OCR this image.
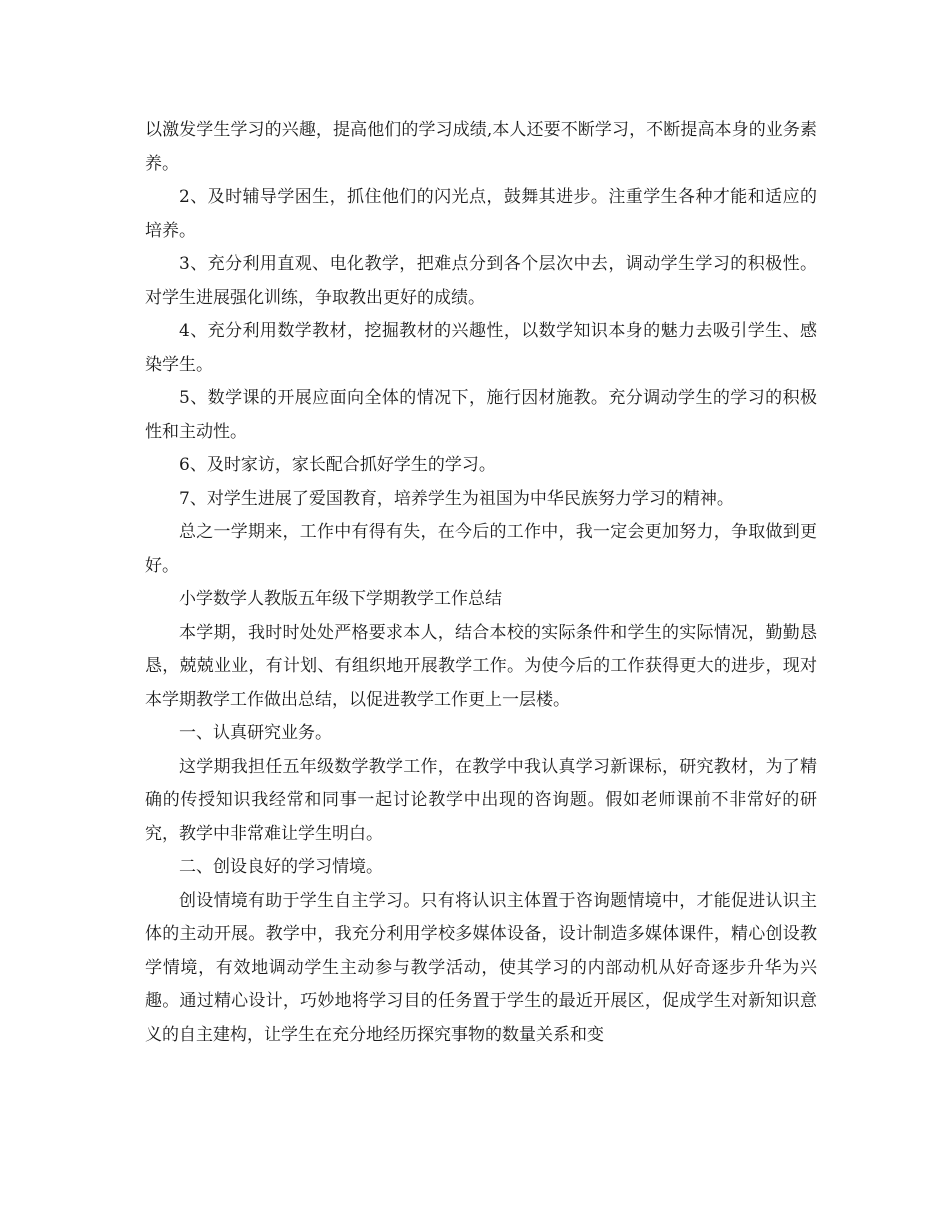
以激发学生学习的兴趣，提高他们的学习成绩,本人还要不断学习，不断提高本身的业务素养。

2、及时辅导学困生，抓住他们的闪光点，鼓舞其进步。注重学生各种才能和适应的培养。

3、充分利用直观、电化教学，把难点分到各个层次中去，调动学生学习的积极性。对学生进展强化训练，争取教出更好的成绩。

4、充分利用数学教材，挖掘教材的兴趣性，以数学知识本身的魅力去吸引学生、感染学生。

5、数学课的开展应面向全体的情况下，施行因材施教。充分调动学生的学习的积极性和主动性。

6、及时家访，家长配合抓好学生的学习。

7、对学生进展了爱国教育，培养学生为祖国为中华民族努力学习的精神。

总之一学期来，工作中有得有失，在今后的工作中，我一定会更加努力，争取做到更好。

小学数学人教版五年级下学期教学工作总结

本学期，我时时处处严格要求本人，结合本校的实际条件和学生的实际情况，勤勤恳恳，兢兢业业，有计划、有组织地开展教学工作。为使今后的工作获得更大的进步，现对本学期教学工作做出总结，以促进教学工作更上一层楼。

一、认真研究业务。

这学期我担任五年级数学教学工作，在教学中我认真学习新课标，研究教材，为了精确的传授知识我经常和同事一起讨论教学中出现的咨询题。假如老师课前不非常好的研究，教学中非常难让学生明白。

二、创设良好的学习情境。

创设情境有助于学生自主学习。只有将认识主体置于咨询题情境中，才能促进认识主体的主动开展。教学中，我充分利用学校多媒体设备，设计制造多媒体课件，精心创设教学情境，有效地调动学生主动参与教学活动，使其学习的内部动机从好奇逐步升华为兴趣。通过精心设计，巧妙地将学习目的任务置于学生的最近开展区，促成学生对新知识意义的自主建构，让学生在充分地经历探究事物的数量关系和变
